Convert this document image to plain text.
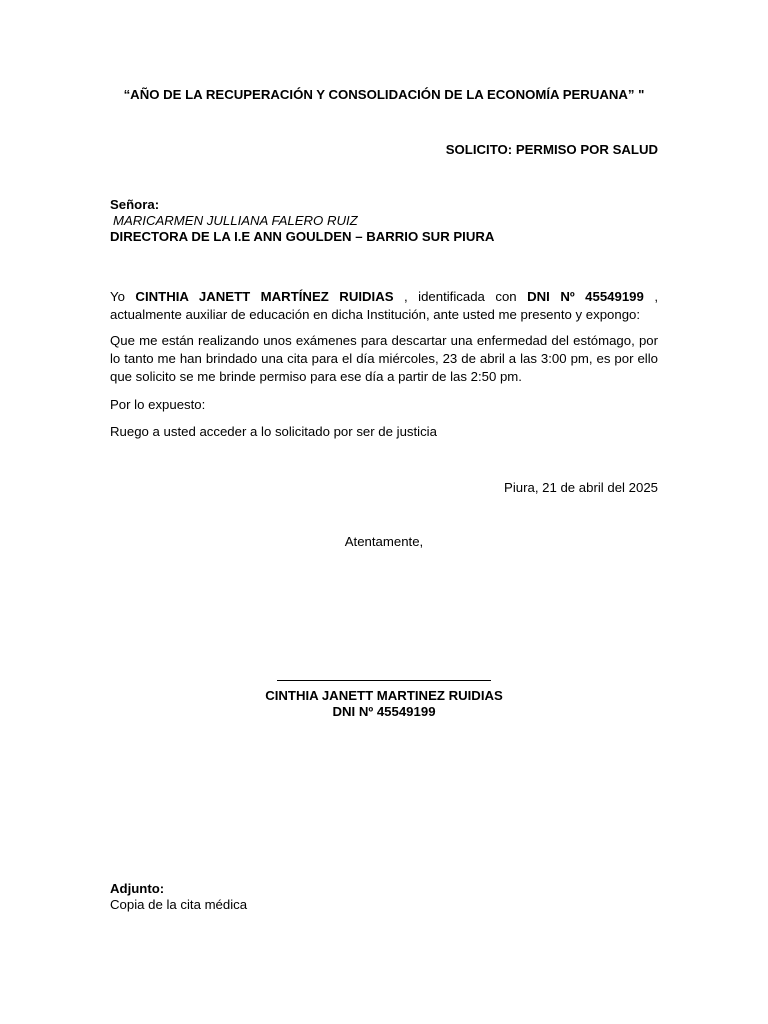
“AÑO DE LA RECUPERACIÓN Y CONSOLIDACIÓN DE LA ECONOMÍA PERUANA” "

SOLICITO: PERMISO POR SALUD

Señora:

MARICARMEN JULLIANA FALERO RUIZ

DIRECTORA DE LA I.E ANN GOULDEN – BARRIO SUR PIURA

Yo CINTHIA JANETT MARTÍNEZ RUIDIAS , identificada con DNI Nº 45549199 , actualmente auxiliar de educación en dicha Institución, ante usted me presento y expongo:

Que me están realizando unos exámenes para descartar una enfermedad del estómago, por lo tanto me han brindado una cita para el día miércoles, 23 de abril a las 3:00 pm, es por ello que solicito se me brinde permiso para ese día a partir de las 2:50 pm.

Por lo expuesto:

Ruego a usted acceder a lo solicitado por ser de justicia

Piura, 21 de abril del 2025

Atentamente,

CINTHIA JANETT MARTINEZ RUIDIAS

DNI Nº 45549199

Adjunto:

Copia de la cita médica
